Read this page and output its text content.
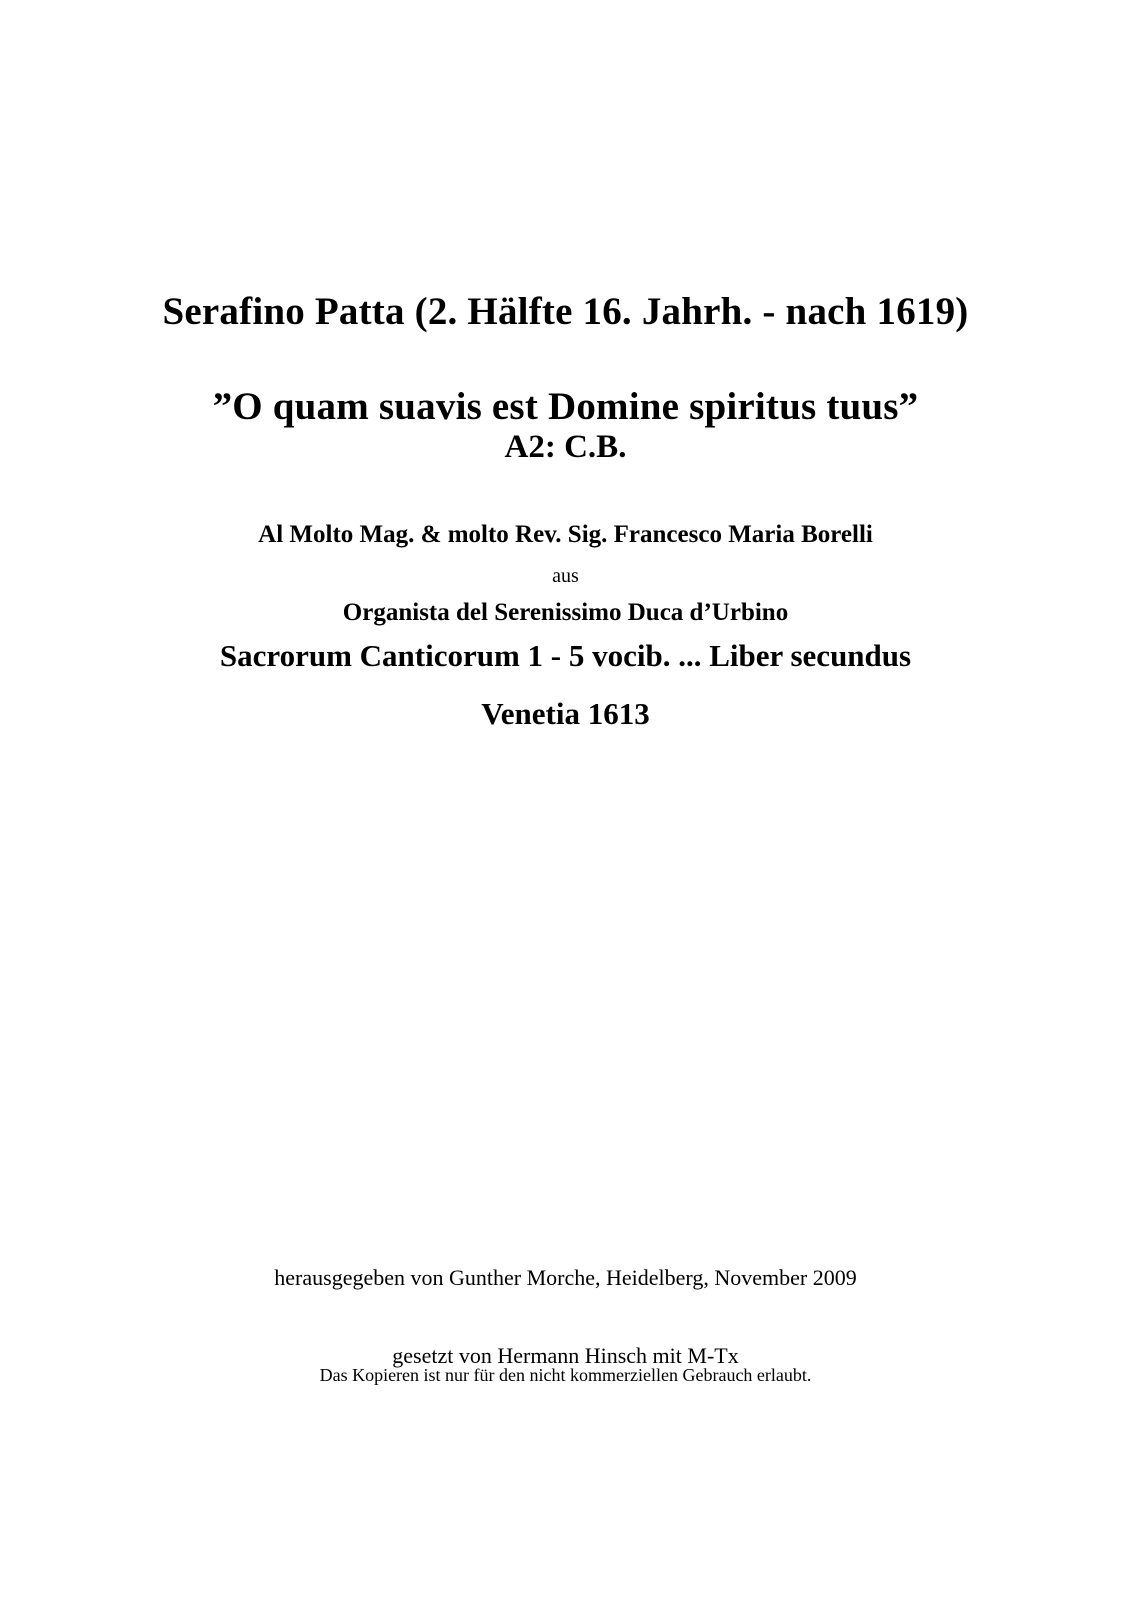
Serafino Patta (2. Hälfte 16. Jahrh. - nach 1619)
”O quam suavis est Domine spiritus tuus”
A2: C.B.

Al Molto Mag. & molto Rev. Sig. Francesco Maria Borelli

Organista del Serenissimo Duca d’Urbino

aus
Sacrorum Canticorum 1 - 5 vocib. ... Liber secundus
Venetia 1613

herausgegeben von Gunther Morche, Heidelberg, November 2009

gesetzt von Hermann Hinsch mit M-Tx

Das Kopieren ist nur für den nicht kommerziellen Gebrauch erlaubt.
